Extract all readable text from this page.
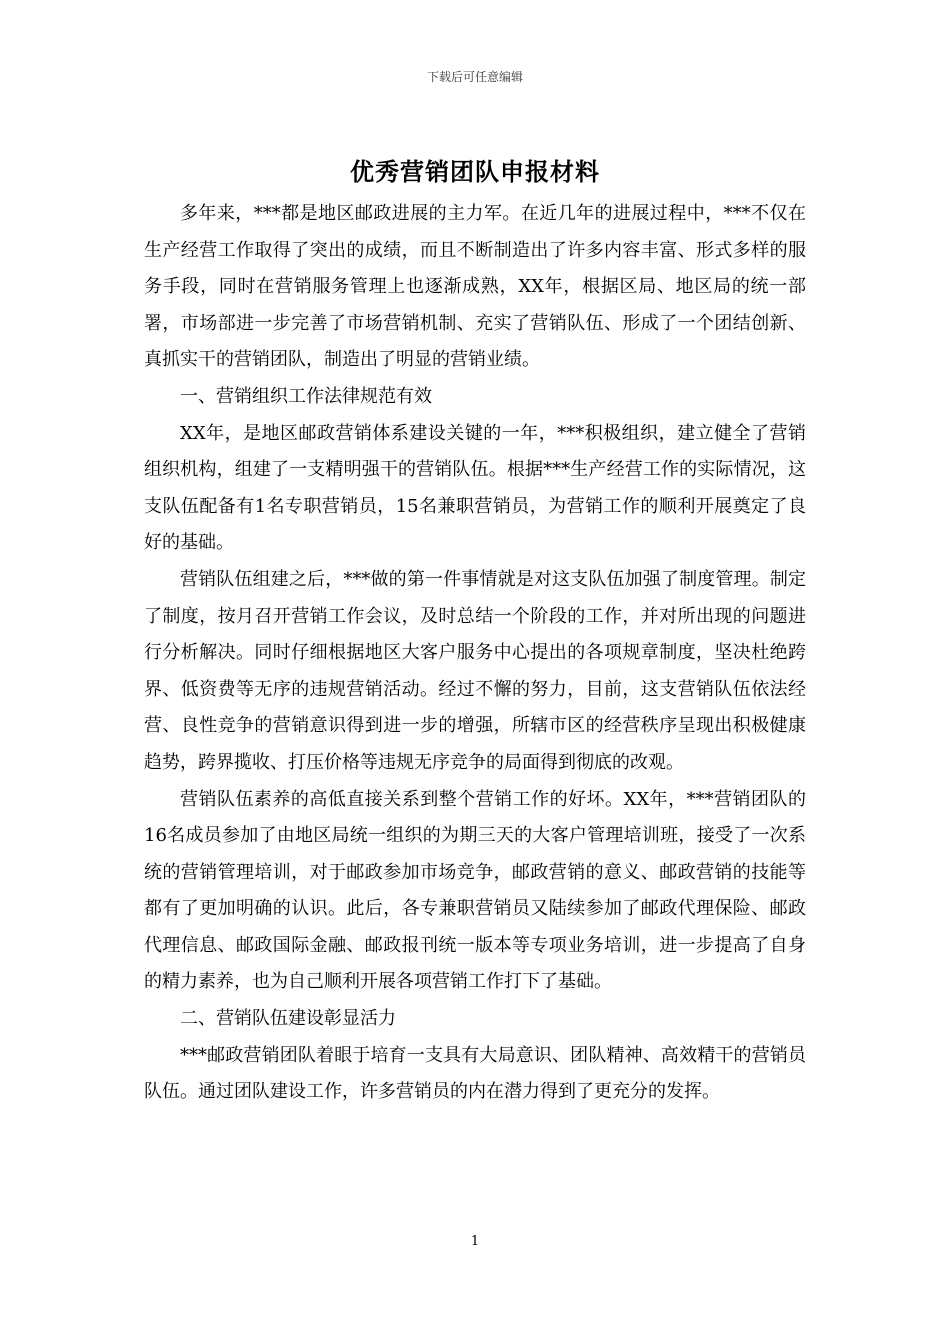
下载后可任意编辑
优秀营销团队申报材料

多年来，***都是地区邮政进展的主力军。在近几年的进展过程中，***不仅在生产经营工作取得了突出的成绩，而且不断制造出了许多内容丰富、形式多样的服务手段，同时在营销服务管理上也逐渐成熟，XX年，根据区局、地区局的统一部署，市场部进一步完善了市场营销机制、充实了营销队伍、形成了一个团结创新、真抓实干的营销团队，制造出了明显的营销业绩。

一、营销组织工作法律规范有效

XX年，是地区邮政营销体系建设关键的一年，***积极组织，建立健全了营销组织机构，组建了一支精明强干的营销队伍。根据***生产经营工作的实际情况，这支队伍配备有1名专职营销员，15名兼职营销员，为营销工作的顺利开展奠定了良好的基础。

营销队伍组建之后，***做的第一件事情就是对这支队伍加强了制度管理。制定了制度，按月召开营销工作会议，及时总结一个阶段的工作，并对所出现的问题进行分析解决。同时仔细根据地区大客户服务中心提出的各项规章制度，坚决杜绝跨界、低资费等无序的违规营销活动。经过不懈的努力，目前，这支营销队伍依法经营、良性竞争的营销意识得到进一步的增强，所辖市区的经营秩序呈现出积极健康趋势，跨界揽收、打压价格等违规无序竞争的局面得到彻底的改观。

营销队伍素养的高低直接关系到整个营销工作的好坏。XX年，***营销团队的16名成员参加了由地区局统一组织的为期三天的大客户管理培训班，接受了一次系统的营销管理培训，对于邮政参加市场竞争，邮政营销的意义、邮政营销的技能等都有了更加明确的认识。此后，各专兼职营销员又陆续参加了邮政代理保险、邮政代理信息、邮政国际金融、邮政报刊统一版本等专项业务培训，进一步提高了自身的精力素养，也为自己顺利开展各项营销工作打下了基础。

二、营销队伍建设彰显活力

***邮政营销团队着眼于培育一支具有大局意识、团队精神、高效精干的营销员队伍。通过团队建设工作，许多营销员的内在潜力得到了更充分的发挥。

1
